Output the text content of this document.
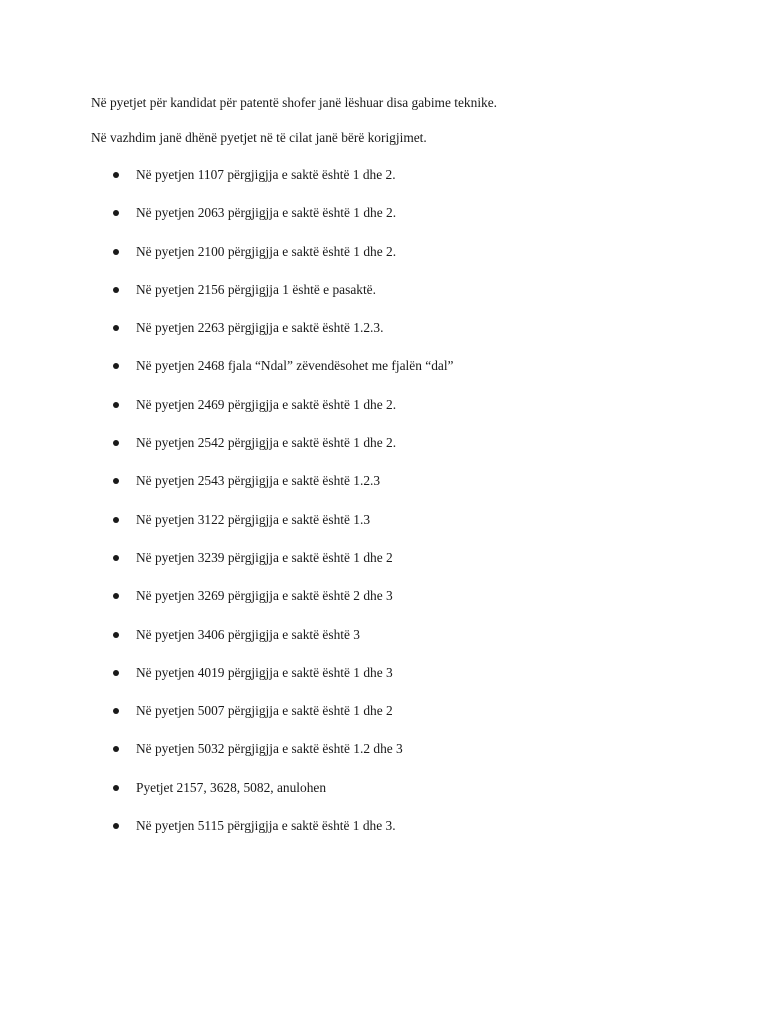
Në pyetjet për kandidat për patentë shofer janë lëshuar disa gabime teknike.
Në vazhdim janë dhënë pyetjet në të cilat janë bërë korigjimet.
Në pyetjen 1107 përgjigjja e saktë është 1 dhe 2.
Në pyetjen 2063 përgjigjja e saktë është 1 dhe 2.
Në pyetjen 2100 përgjigjja e saktë është 1 dhe 2.
Në pyetjen 2156 përgjigjja 1 është e pasaktë.
Në pyetjen 2263 përgjigjja e saktë është 1.2.3.
Në pyetjen 2468 fjala “Ndal” zëvendësohet me fjalën “dal”
Në pyetjen 2469 përgjigjja e saktë është 1 dhe 2.
Në pyetjen 2542 përgjigjja e saktë është 1 dhe 2.
Në pyetjen 2543 përgjigjja e saktë është 1.2.3
Në pyetjen 3122 përgjigjja e saktë është 1.3
Në pyetjen 3239 përgjigjja e saktë është 1 dhe 2
Në pyetjen 3269 përgjigjja e saktë është 2 dhe 3
Në pyetjen 3406 përgjigjja e saktë është 3
Në pyetjen 4019 përgjigjja e saktë është 1 dhe 3
Në pyetjen 5007 përgjigjja e saktë është 1 dhe 2
Në pyetjen 5032 përgjigjja e saktë është 1.2 dhe 3
Pyetjet 2157, 3628, 5082, anulohen
Në pyetjen 5115 përgjigjja e saktë është 1 dhe 3.
